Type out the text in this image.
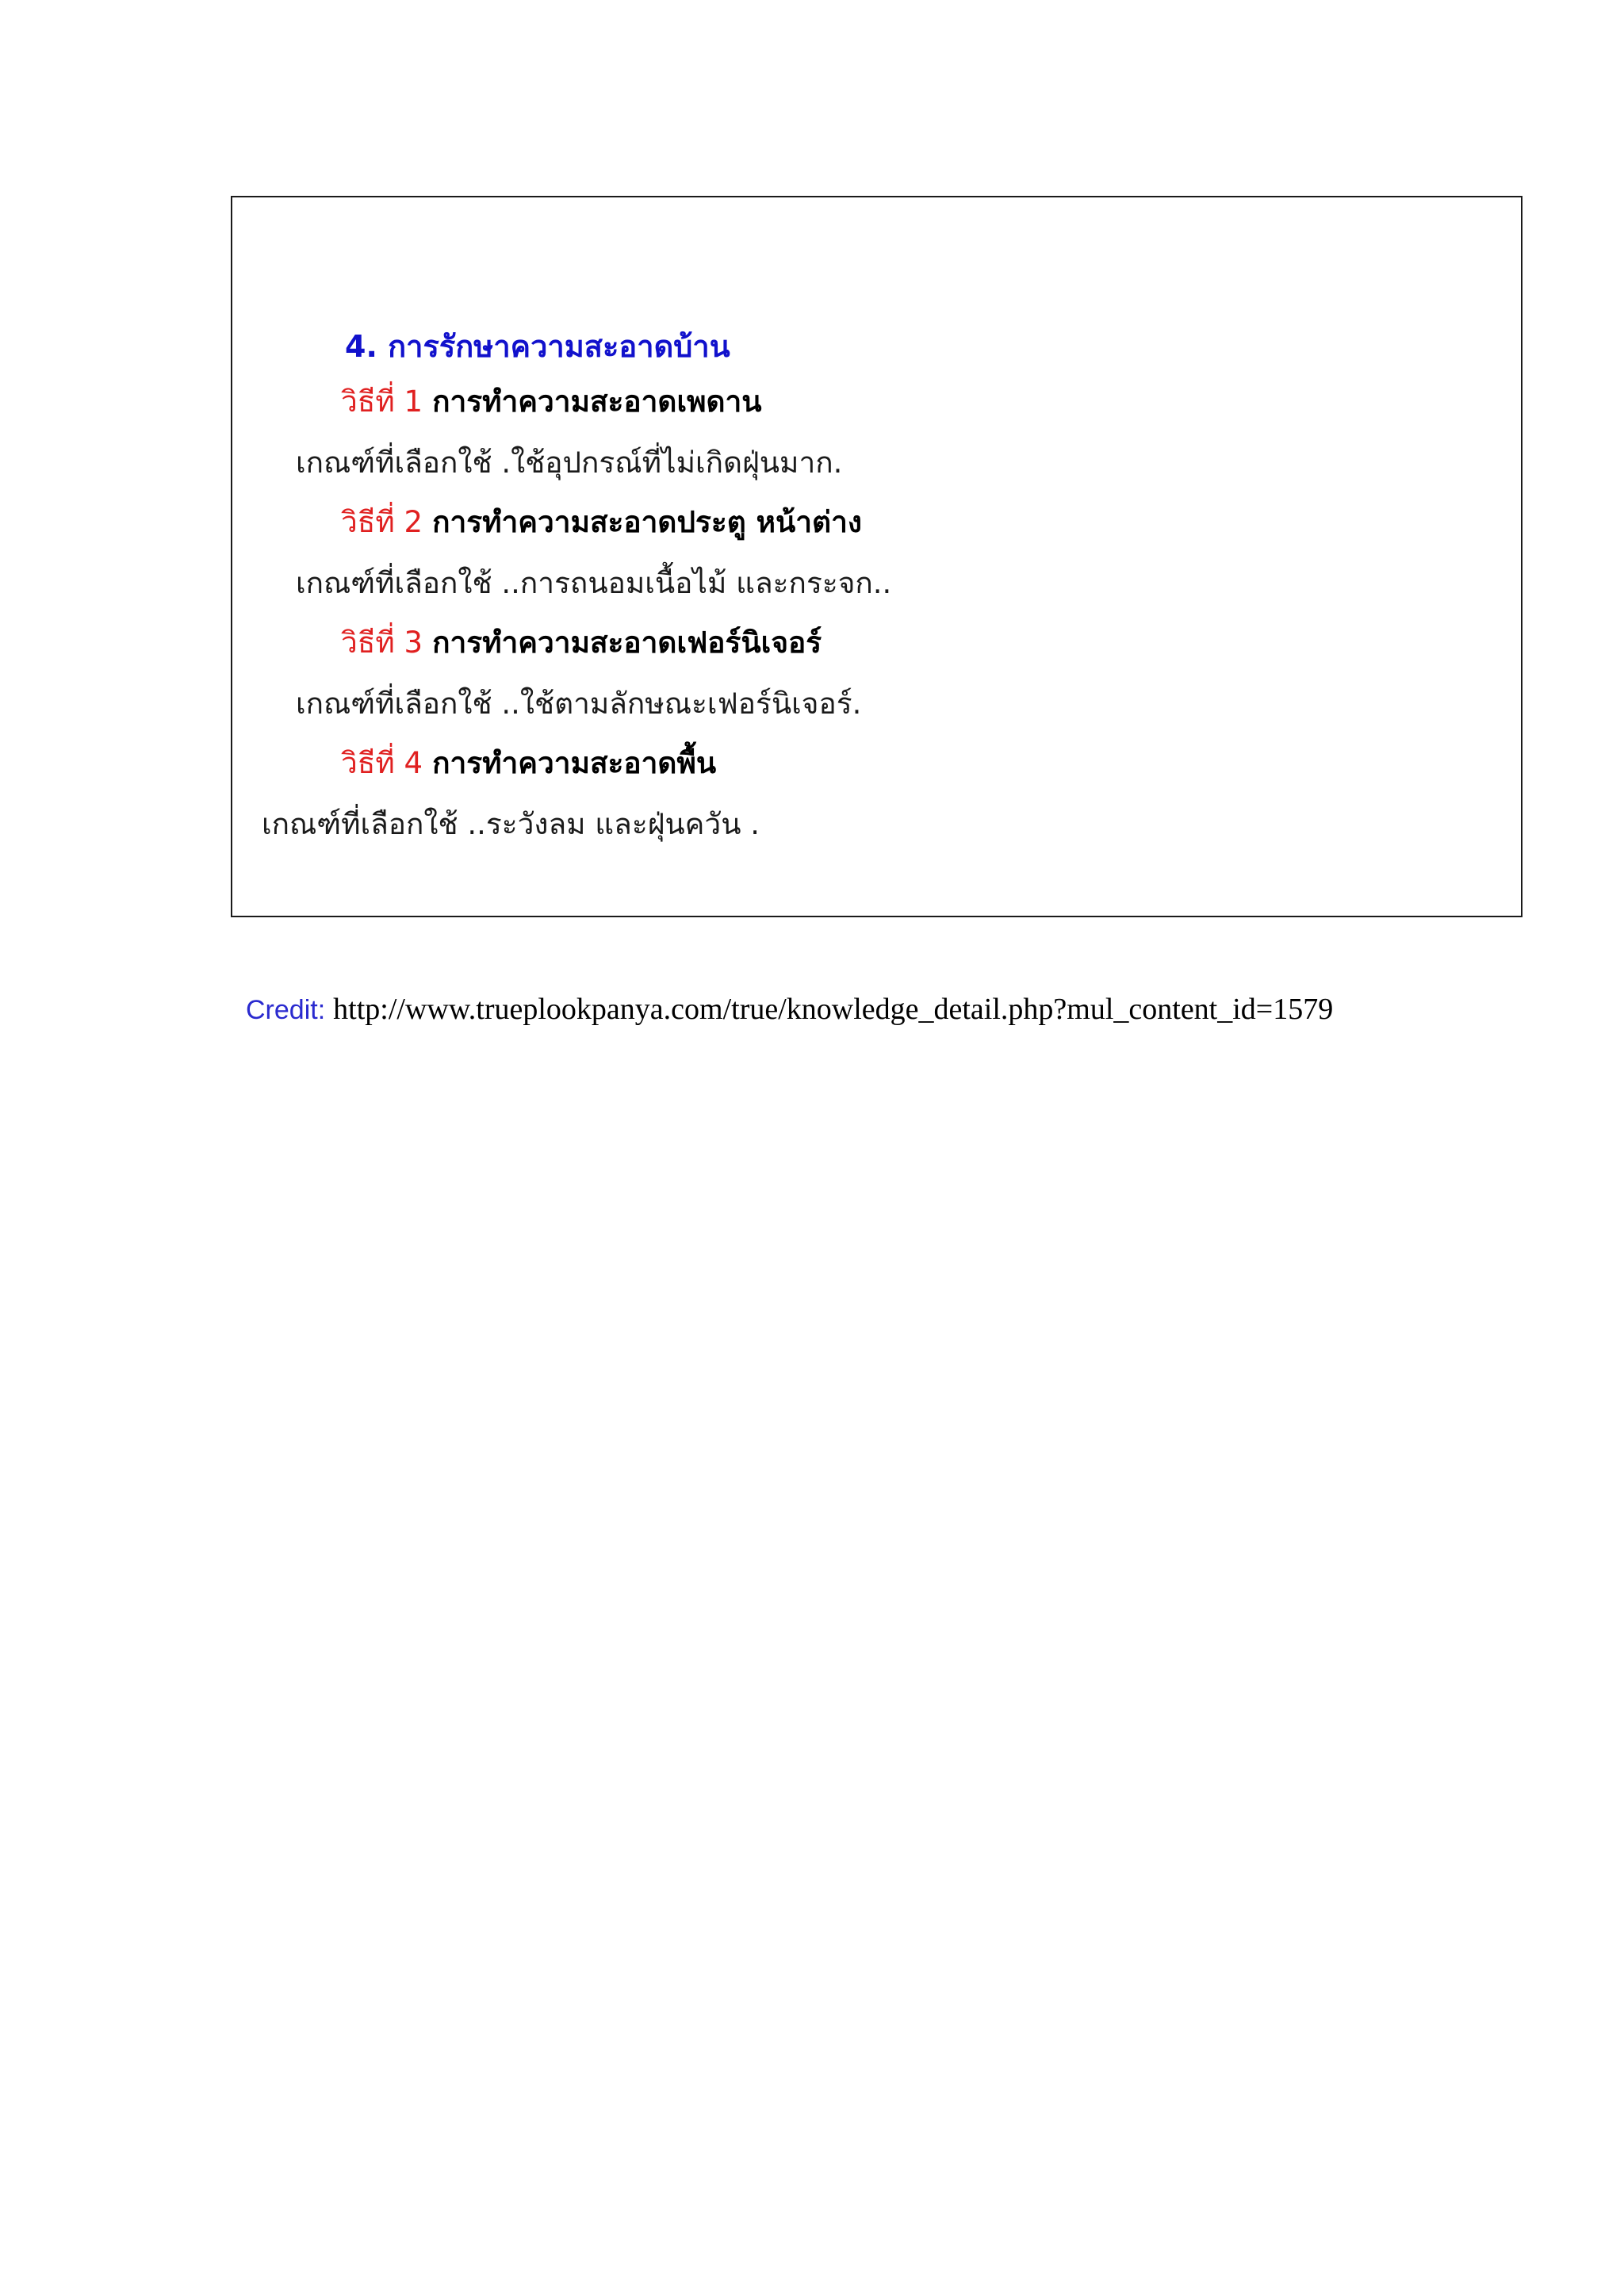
4. การรักษาความสะอาดบ้าน
วิธีที่ 1 การทำความสะอาดเพดาน
เกณฑ์ที่เลือกใช้ .ใช้อุปกรณ์ที่ไม่เกิดฝุ่นมาก.
วิธีที่ 2 การทำความสะอาดประตู หน้าต่าง
เกณฑ์ที่เลือกใช้ ..การถนอมเนื้อไม้ และกระจก..
วิธีที่ 3 การทำความสะอาดเฟอร์นิเจอร์
เกณฑ์ที่เลือกใช้ ..ใช้ตามลักษณะเฟอร์นิเจอร์.
วิธีที่ 4 การทำความสะอาดพื้น
เกณฑ์ที่เลือกใช้ ..ระวังลม และฝุ่นควัน .
Credit: http://www.trueplookpanya.com/true/knowledge_detail.php?mul_content_id=1579
